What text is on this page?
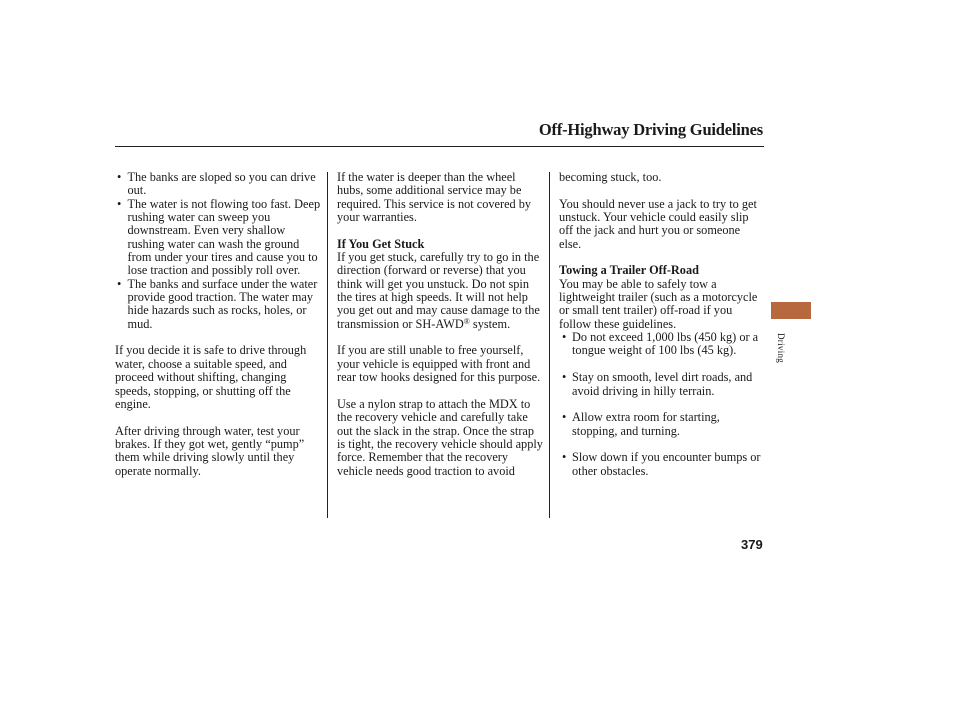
Off-Highway Driving Guidelines
• The banks are sloped so you can drive out.
• The water is not flowing too fast. Deep rushing water can sweep you downstream. Even very shallow rushing water can wash the ground from under your tires and cause you to lose traction and possibly roll over.
• The banks and surface under the water provide good traction. The water may hide hazards such as rocks, holes, or mud.

If you decide it is safe to drive through water, choose a suitable speed, and proceed without shifting, changing speeds, stopping, or shutting off the engine.

After driving through water, test your brakes. If they got wet, gently “pump” them while driving slowly until they operate normally.

If the water is deeper than the wheel hubs, some additional service may be required. This service is not covered by your warranties.

If You Get Stuck

If you get stuck, carefully try to go in the direction (forward or reverse) that you think will get you unstuck. Do not spin the tires at high speeds. It will not help you get out and may cause damage to the transmission or SH-AWD® system.

If you are still unable to free yourself, your vehicle is equipped with front and rear tow hooks designed for this purpose.

Use a nylon strap to attach the MDX to the recovery vehicle and carefully take out the slack in the strap. Once the strap is tight, the recovery vehicle should apply force. Remember that the recovery vehicle needs good traction to avoid

becoming stuck, too.

You should never use a jack to try to get unstuck. Your vehicle could easily slip off the jack and hurt you or someone else.

Towing a Trailer Off-Road

You may be able to safely tow a lightweight trailer (such as a motorcycle or small tent trailer) off-road if you follow these guidelines.

• Do not exceed 1,000 lbs (450 kg) or a tongue weight of 100 lbs (45 kg).
• Stay on smooth, level dirt roads, and avoid driving in hilly terrain.
• Allow extra room for starting, stopping, and turning.
• Slow down if you encounter bumps or other obstacles.
Driving
379
